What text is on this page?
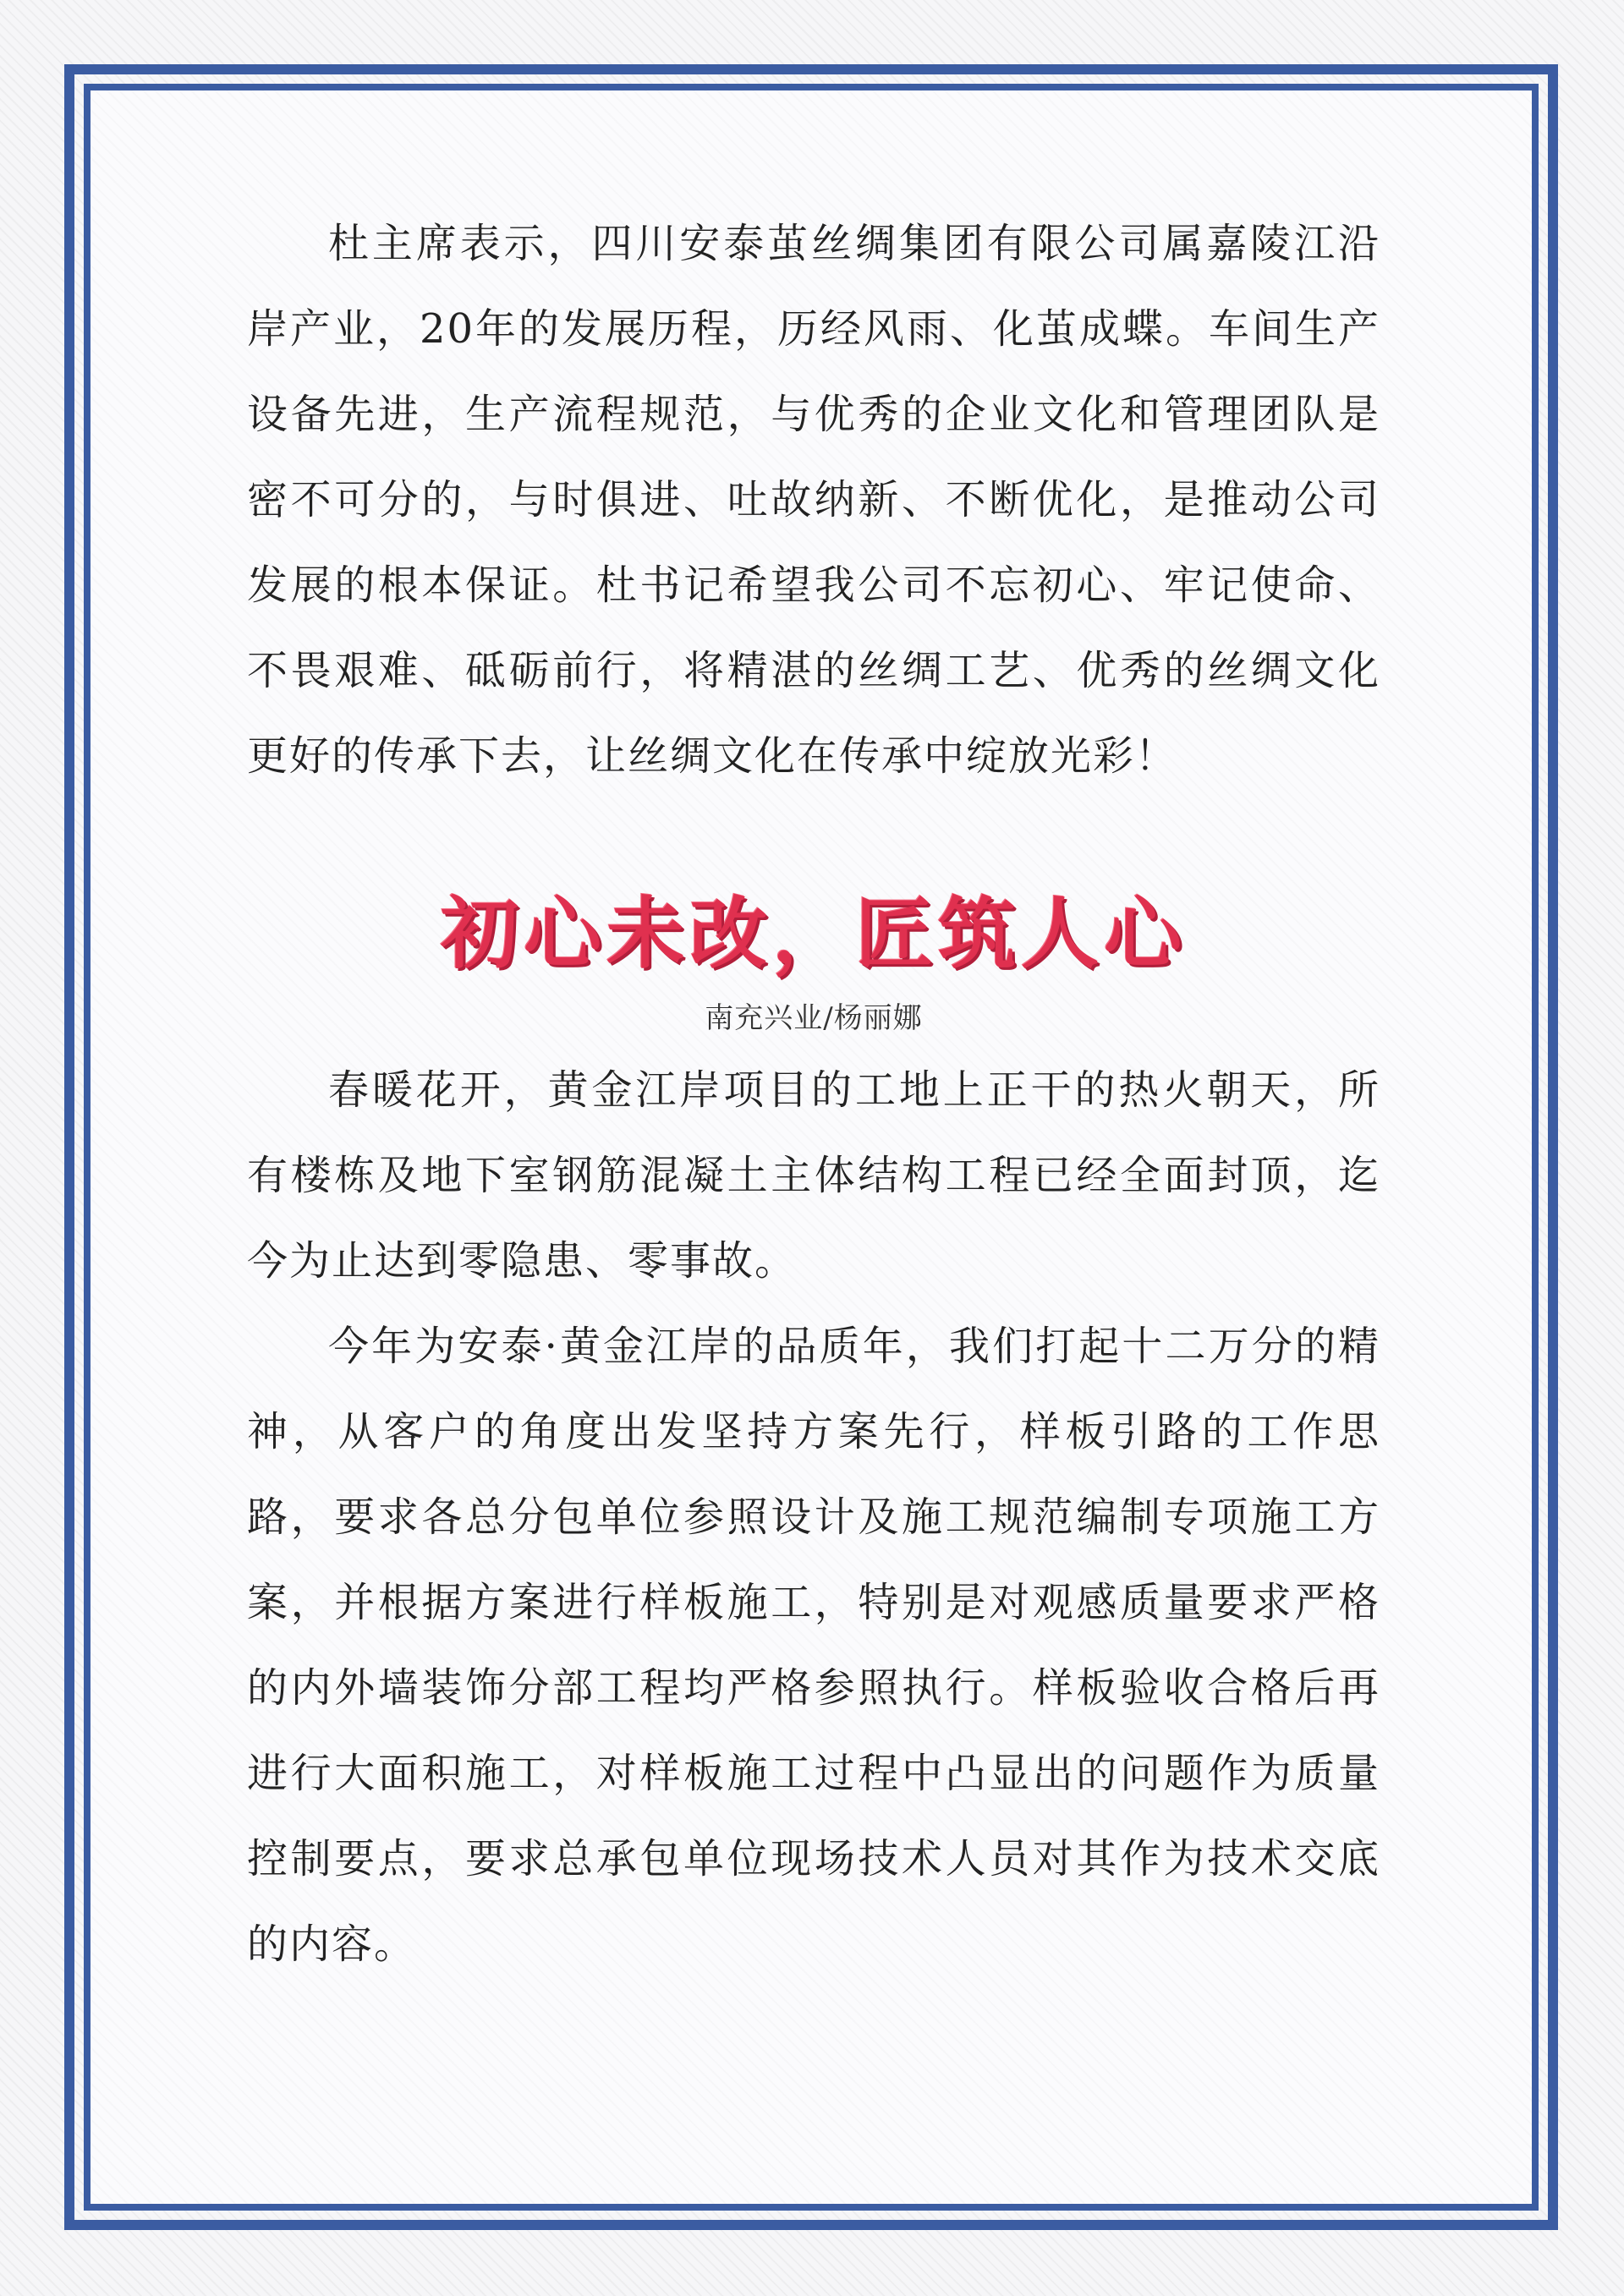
杜主席表示，四川安泰茧丝绸集团有限公司属嘉陵江沿岸产业，20年的发展历程，历经风雨、化茧成蝶。车间生产设备先进，生产流程规范，与优秀的企业文化和管理团队是密不可分的，与时俱进、吐故纳新、不断优化，是推动公司发展的根本保证。杜书记希望我公司不忘初心、牢记使命、不畏艰难、砥砺前行，将精湛的丝绸工艺、优秀的丝绸文化更好的传承下去，让丝绸文化在传承中绽放光彩！

初心未改，匠筑人心
南充兴业/杨丽娜

春暖花开，黄金江岸项目的工地上正干的热火朝天，所有楼栋及地下室钢筋混凝土主体结构工程已经全面封顶，迄今为止达到零隐患、零事故。

今年为安泰·黄金江岸的品质年，我们打起十二万分的精神，从客户的角度出发坚持方案先行，样板引路的工作思路，要求各总分包单位参照设计及施工规范编制专项施工方案，并根据方案进行样板施工，特别是对观感质量要求严格的内外墙装饰分部工程均严格参照执行。样板验收合格后再进行大面积施工，对样板施工过程中凸显出的问题作为质量控制要点，要求总承包单位现场技术人员对其作为技术交底的内容。
